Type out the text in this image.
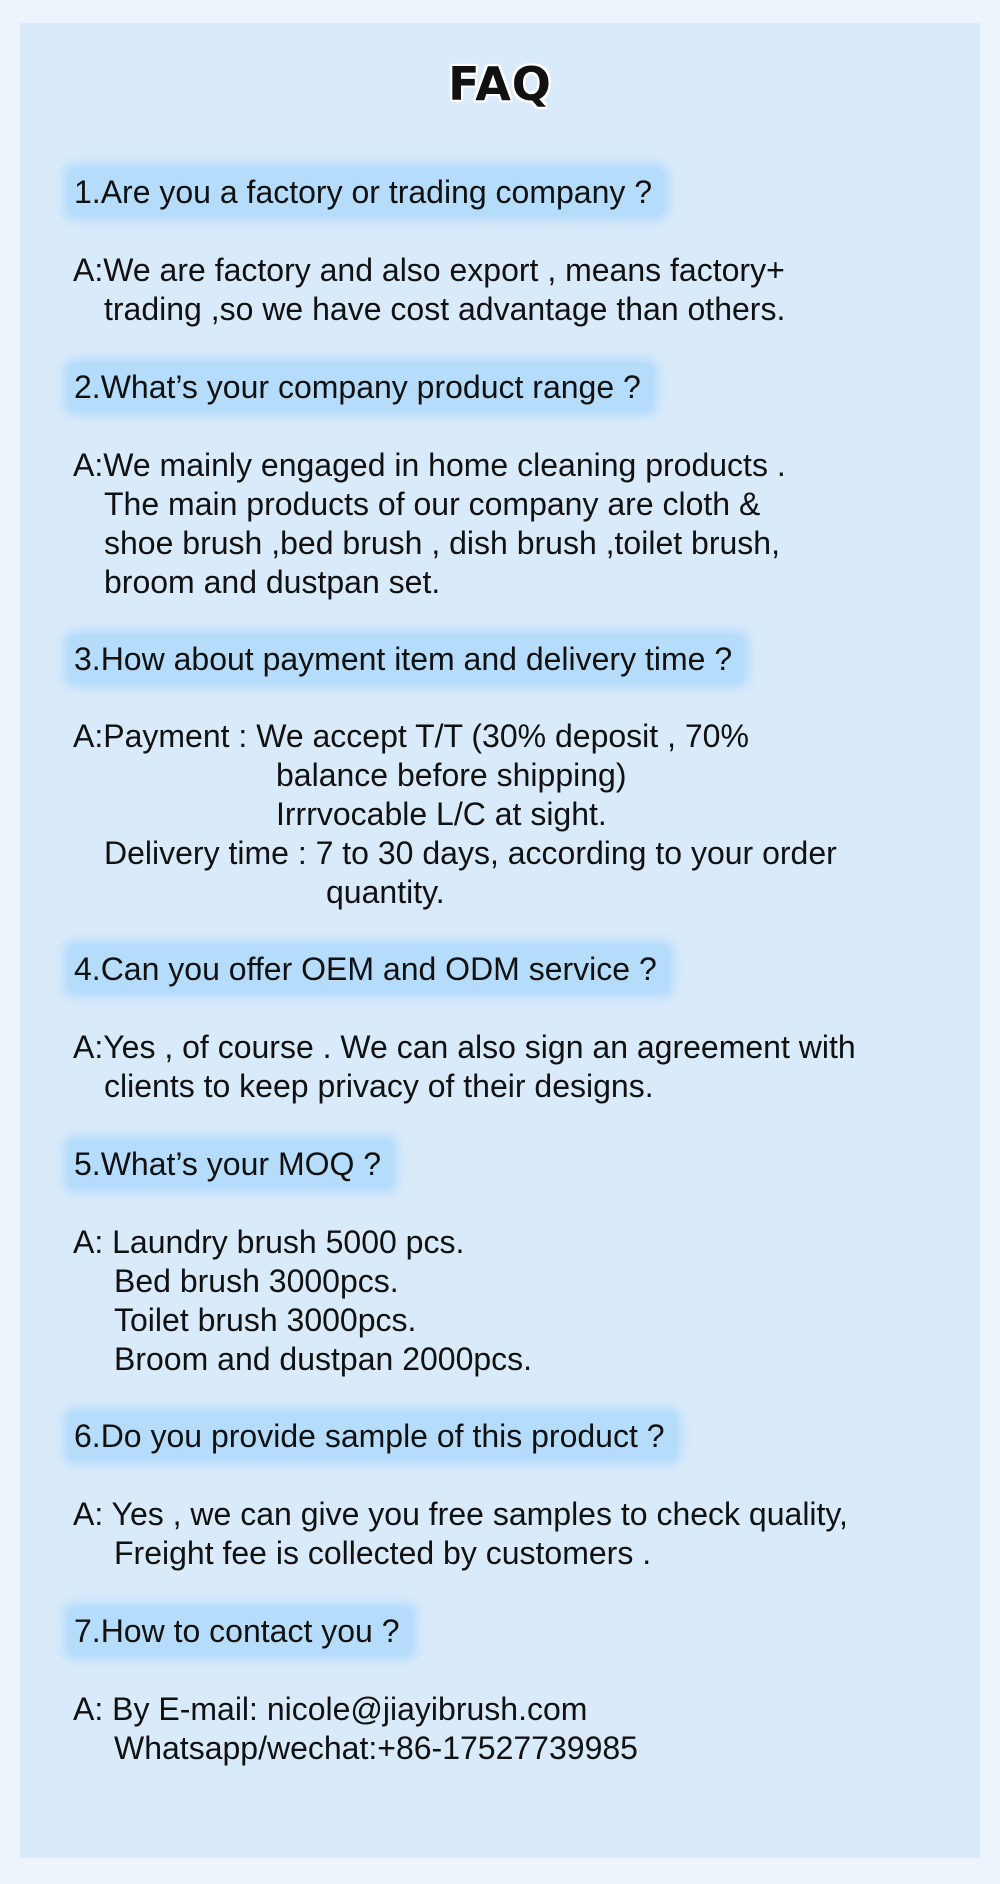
FAQ
1.Are you a factory or trading company ?
A:We are factory and also export , means factory+
trading ,so we have cost advantage than others.
2.What’s your company product range ?
A:We mainly engaged in home cleaning products .
The main products of our company are cloth &
shoe brush ,bed brush , dish brush ,toilet brush,
broom and dustpan set.
3.How about payment item and delivery time ?
A:Payment : We accept T/T (30% deposit , 70%
balance before shipping)
Irrrvocable L/C at sight.
Delivery time : 7 to 30 days, according to your order
quantity.
4.Can you offer OEM and ODM service ?
A:Yes , of course . We can also sign an agreement with
clients to keep privacy of their designs.
5.What’s your MOQ ?
A: Laundry brush 5000 pcs.
Bed brush 3000pcs.
Toilet brush 3000pcs.
Broom and dustpan 2000pcs.
6.Do you provide sample of this product ?
A: Yes , we can give you free samples to check quality,
Freight fee is collected by customers .
7.How to contact you ?
A: By E-mail: nicole@jiayibrush.com
Whatsapp/wechat:+86-17527739985
